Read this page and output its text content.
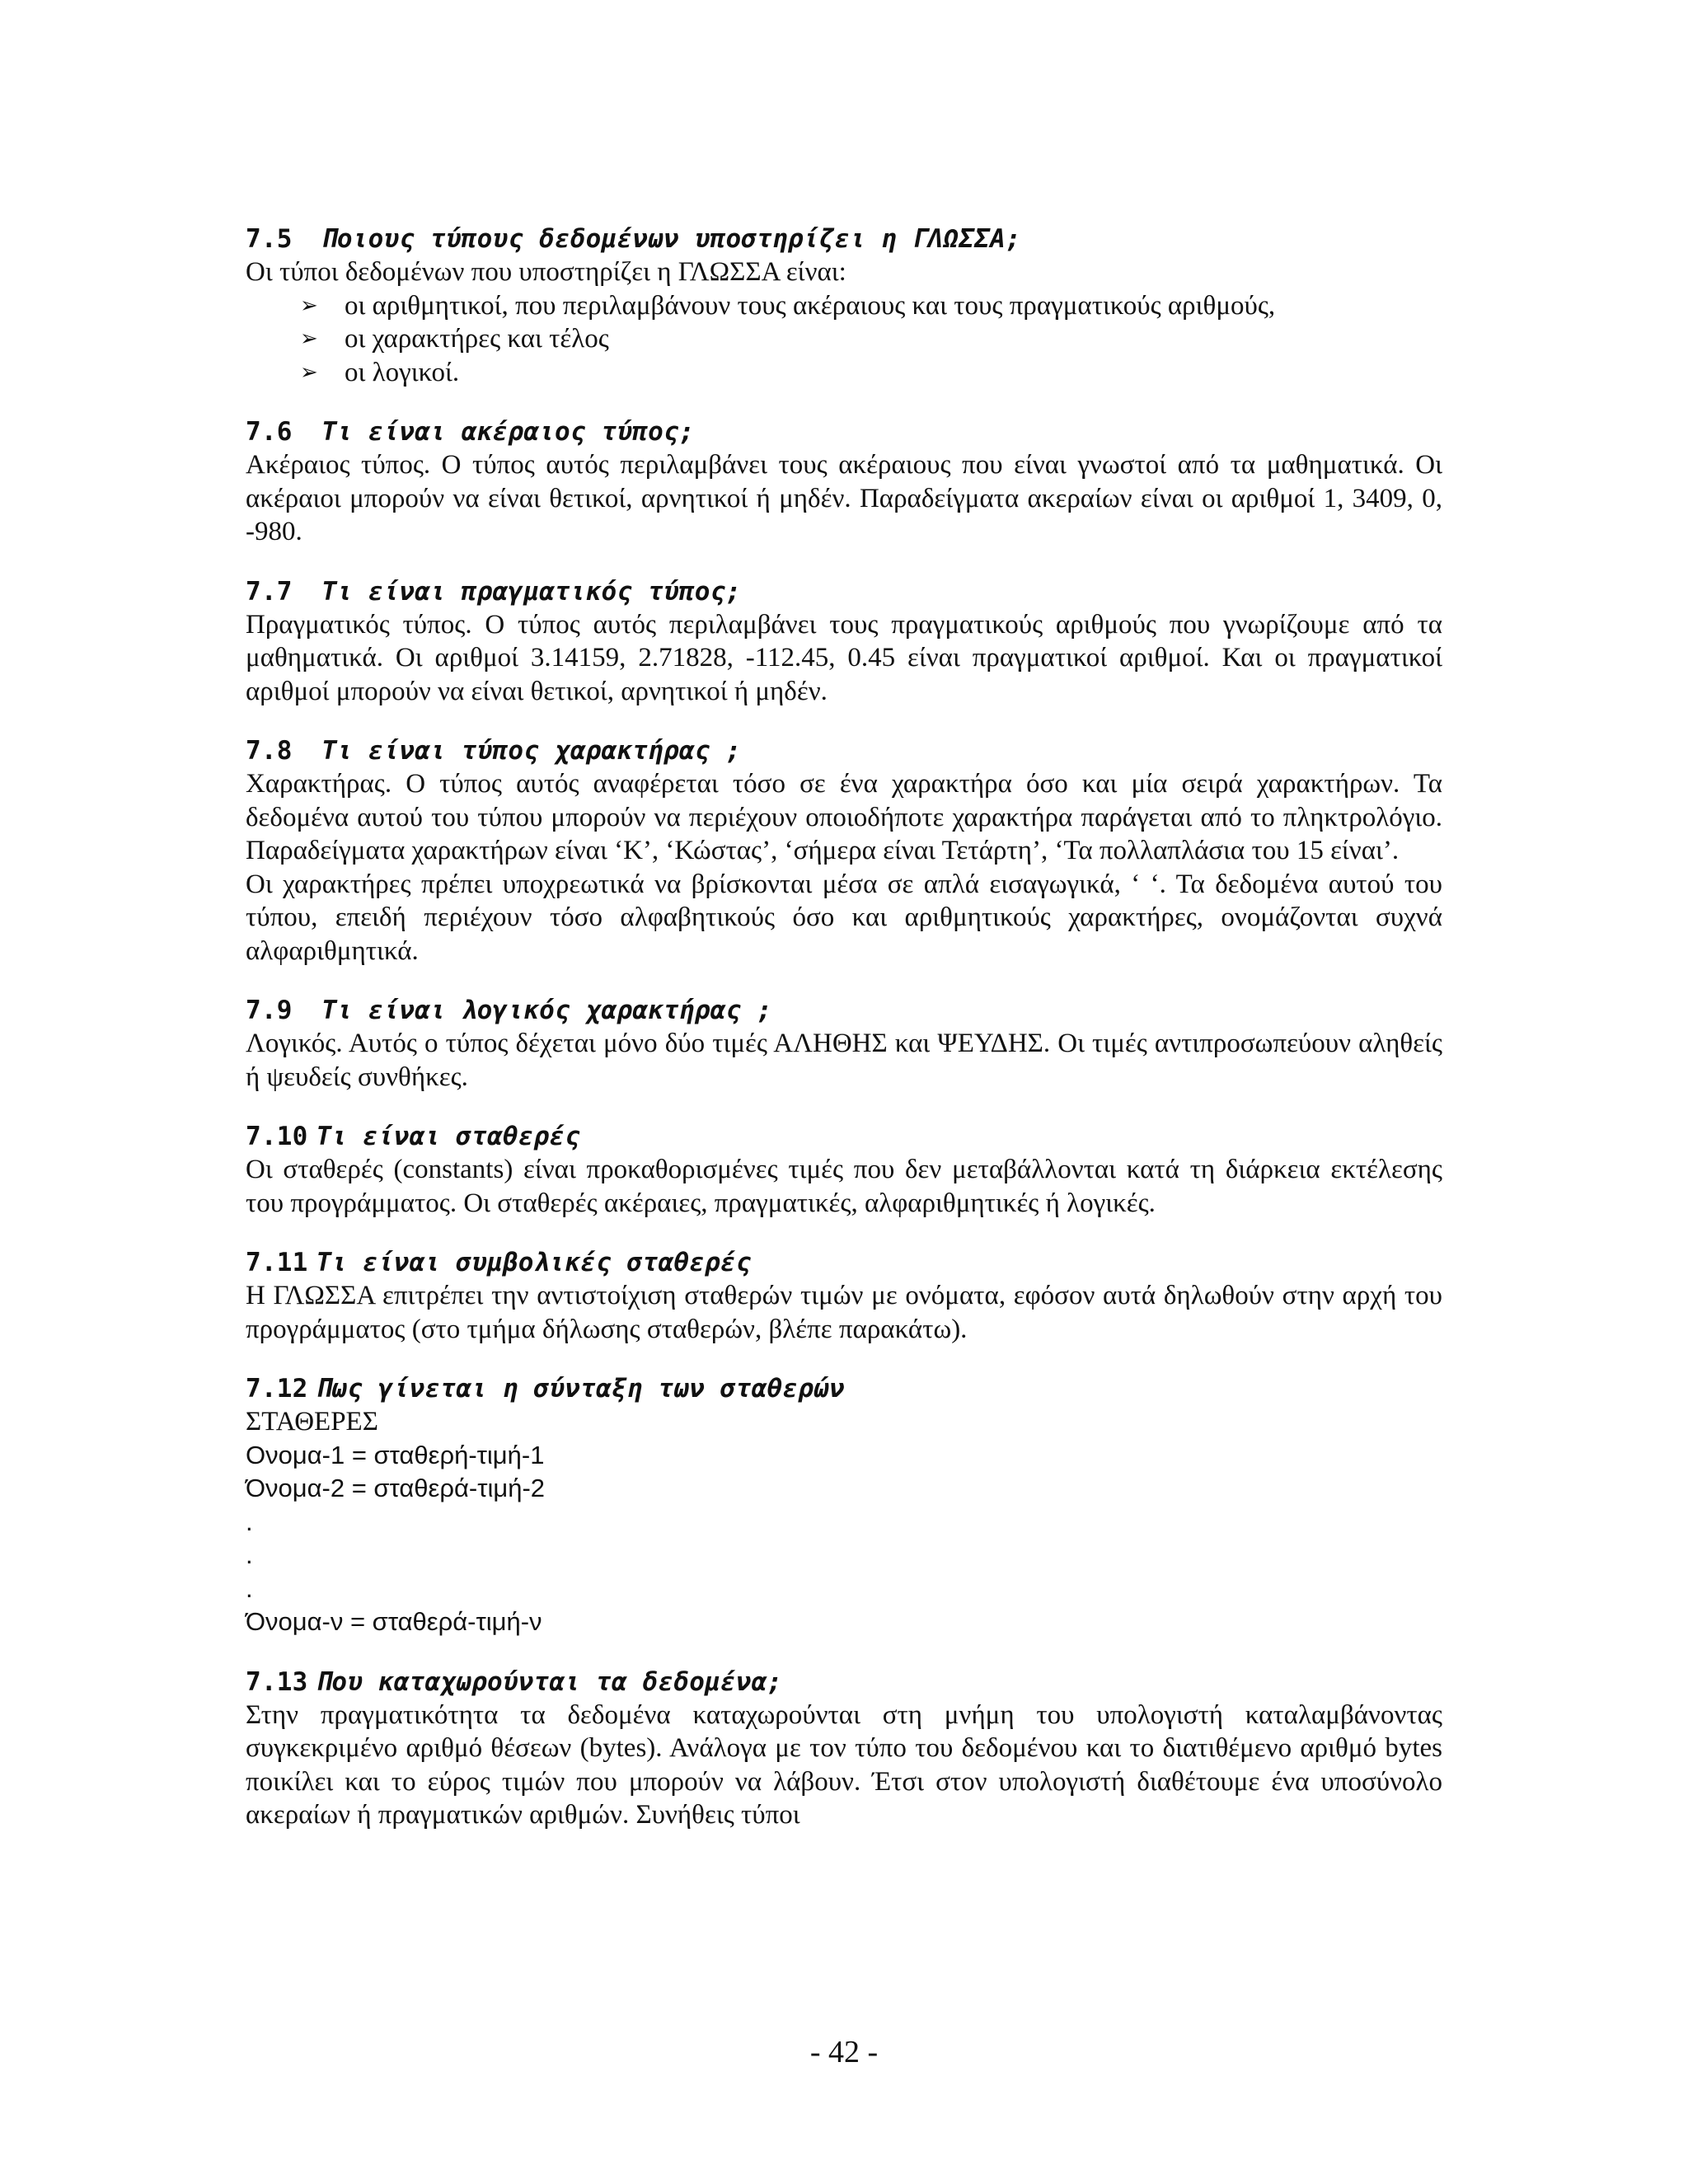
7.5 Ποιους τύπους δεδομένων υποστηρίζει η ΓΛΩΣΣΑ;

Οι τύποι δεδομένων που υποστηρίζει η ΓΛΩΣΣΑ είναι:

➢ οι αριθμητικοί, που περιλαμβάνουν τους ακέραιους και τους πραγματικούς αριθμούς,
➢ οι χαρακτήρες και τέλος
➢ οι λογικοί.
7.6 Τι είναι ακέραιος τύπος;

Ακέραιος τύπος. Ο τύπος αυτός περιλαμβάνει τους ακέραιους που είναι γνωστοί από τα μαθηματικά. Οι ακέραιοι μπορούν να είναι θετικοί, αρνητικοί ή μηδέν. Παραδείγματα ακεραίων είναι οι αριθμοί 1, 3409, 0, -980.

7.7 Τι είναι πραγματικός τύπος;

Πραγματικός τύπος. Ο τύπος αυτός περιλαμβάνει τους πραγματικούς αριθμούς που γνωρίζουμε από τα μαθηματικά. Οι αριθμοί 3.14159, 2.71828, -112.45, 0.45 είναι πραγματικοί αριθμοί. Και οι πραγματικοί αριθμοί μπορούν να είναι θετικοί, αρνητικοί ή μηδέν.

7.8 Τι είναι τύπος χαρακτήρας ;

Χαρακτήρας. Ο τύπος αυτός αναφέρεται τόσο σε ένα χαρακτήρα όσο και μία σειρά χαρακτήρων. Τα δεδομένα αυτού του τύπου μπορούν να περιέχουν οποιοδήποτε χαρακτήρα παράγεται από το πληκτρολόγιο. Παραδείγματα χαρακτήρων είναι ‘Κ’, ‘Κώστας’, ‘σήμερα είναι Τετάρτη’, ‘Τα πολλαπλάσια του 15 είναι’.

Οι χαρακτήρες πρέπει υποχρεωτικά να βρίσκονται μέσα σε απλά εισαγωγικά, ‘ ‘. Τα δεδομένα αυτού του τύπου, επειδή περιέχουν τόσο αλφαβητικούς όσο και αριθμητικούς χαρακτήρες, ονομάζονται συχνά αλφαριθμητικά.

7.9 Τι είναι λογικός χαρακτήρας ;

Λογικός. Αυτός ο τύπος δέχεται μόνο δύο τιμές ΑΛΗΘΗΣ και ΨΕΥΔΗΣ. Οι τιμές αντιπροσωπεύουν αληθείς ή ψευδείς συνθήκες.

7.10 Τι είναι σταθερές

Οι σταθερές (constants) είναι προκαθορισμένες τιμές που δεν μεταβάλλονται κατά τη διάρκεια εκτέλεσης του προγράμματος. Οι σταθερές ακέραιες, πραγματικές, αλφαριθμητικές ή λογικές.

7.11 Τι είναι συμβολικές σταθερές

Η ΓΛΩΣΣΑ επιτρέπει την αντιστοίχιση σταθερών τιμών με ονόματα, εφόσον αυτά δηλωθούν στην αρχή του προγράμματος (στο τμήμα δήλωσης σταθερών, βλέπε παρακάτω).

7.12 Πως γίνεται η σύνταξη των σταθερών

ΣΤΑΘΕΡΕΣ

Ονομα-1 = σταθερή-τιμή-1

Όνομα-2 = σταθερά-τιμή-2

.

.

.

Όνομα-ν = σταθερά-τιμή-ν

7.13 Που καταχωρούνται τα δεδομένα;

Στην πραγματικότητα τα δεδομένα καταχωρούνται στη μνήμη του υπολογιστή καταλαμβάνοντας συγκεκριμένο αριθμό θέσεων (bytes). Ανάλογα με τον τύπο του δεδομένου και το διατιθέμενο αριθμό bytes ποικίλει και το εύρος τιμών που μπορούν να λάβουν. Έτσι στον υπολογιστή διαθέτουμε ένα υποσύνολο ακεραίων ή πραγματικών αριθμών. Συνήθεις τύποι

- 42 -
